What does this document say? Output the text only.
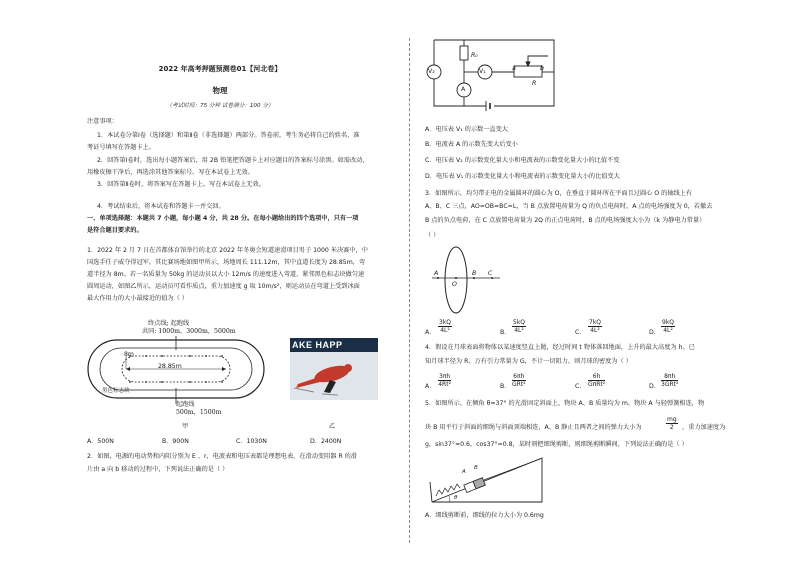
2022 年高考押题预测卷01【河北卷】
物理
（考试时间：75 分钟 试卷满分：100 分）
注意事项：
1．本试卷分第Ⅰ卷（选择题）和第Ⅱ卷（非选择题）两部分。答卷前，考生务必将自己的姓名、准
考证号填写在答题卡上。
2．回答第Ⅰ卷时，选出每小题答案后，用 2B 铅笔把答题卡上对应题目的答案标号涂黑。如需改动，
用橡皮擦干净后，再选涂其他答案标号。写在本试卷上无效。
3．回答第Ⅱ卷时，将答案写在答题卡上。写在本试卷上无效。
4．考试结束后，将本试卷和答题卡一并交回。
一、单项选择题：本题共 7 小题，每小题 4 分，共 28 分。在每小题给出的四个选项中，只有一项
是符合题目要求的。
1．2022 年 2 月 7 日在首都体育馆举行的北京 2022 年冬奥会短道速滑项目男子 1000 米决赛中，中
国选手任子威夺得冠军，其比赛场地如图甲所示，场地周长 111.12m，其中直道长度为 28.85m，弯
道半径为 8m。若一名质量为 50kg 的运动员以大小 12m/s 的速度进入弯道，紧邻黑色标志块做匀速
圆周运动，如图乙所示，运动员可看作质点，重力加速度 g 取 10m/s²，则运动员在弯道上受到冰面
最大作用力的大小最接近的值为（ ）
终点线; 起跑线
共同: 1000m，3000m，5000m
8m
28.85m
黑色标志块
起跑线
500m，1500m
甲
AKE HAPP
乙
A．500N	B．900N	C．1030N	D．2400N
2．如图，电源的电动势和内阻分别为 E 、r，电流表和电压表都是理想电表，在滑动变阻器 R 的滑
片由 a 向 b 移动的过程中，下列说法正确的是（ ）
V₂
R₀
V₁
A
a	b
R
A．电压表 V₁ 的示数一直变大
B．电流表 A 的示数先变大后变小
C．电压表 V₂ 的示数变化量大小和电流表的示数变化量大小的比值不变
D．电压表 V₁ 的示数变化量大小和电流表的示数变化量大小的比值变大
3．如图所示，均匀带正电的金属圆环的圆心为 O，在垂直于圆环所在平面且过圆心 O 的轴线上有
A、B、C 三点，AO=OB=BC=L，当 B 点放置电荷量为 Q 的负点电荷时，A 点的电场强度为 0，若撤去
B 点的负点电荷，在 C 点放置电荷量为 2Q 的正点电荷时，B 点的电场强度大小为（k 为静电力常量）
（ ）
A
O
B C
A． $\frac{3kQ}{\text{4L²}}$	B． $\frac{5kQ}{\text{4L²}}$	C． $\frac{7kQ}{\text{4L²}}$	D． $\frac{9kQ}{\text{4L²}}$
4．假设在月球表面将物体以某速度竖直上抛，经过时间 t 物体落回地面，上升的最大高度为 h。已
知月球半径为 R、万有引力常量为 G，不计一切阻力，则月球的密度为（ ）
A． $\frac{3\pi h}{\text{4Rt²}}$	B．
6πh
GRt²	C．
6h
GπRt²	D．
8πh
3GRt²
5．如图所示，在倾角 θ=37° 的光滑固定斜面上，物块 A、B 质量均为 m，物块 A 与轻弹簧相连，物
块 B 用平行于斜面的细绳与斜面顶端相连，A、B 静止且两者之间的弹力大小为	$\frac{mg}{2}$ ，重力加速度为
g，sin37°=0.6，cos37°=0.8，某时刻把细绳剪断，则细绳剪断瞬间，下列说法正确的是（ ）
A
B
θ
A．细线剪断前，细线的拉力大小为 0.6mg
